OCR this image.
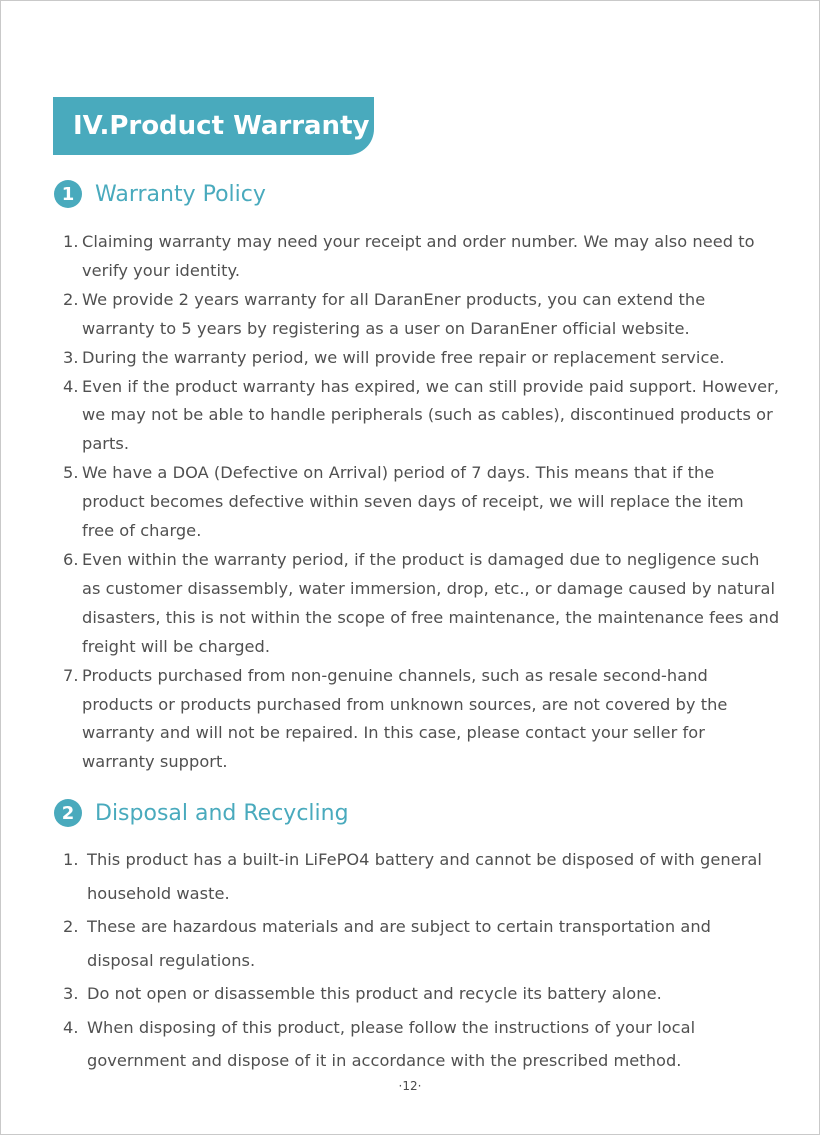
IV.Product Warranty
1 Warranty Policy
1. Claiming warranty may need your receipt and order number. We may also need to verify your identity.
2. We provide 2 years warranty for all DaranEner products, you can extend the warranty to 5 years by registering as a user on DaranEner official website.
3. During the warranty period, we will provide free repair or replacement service.
4. Even if the product warranty has expired, we can still provide paid support. However, we may not be able to handle peripherals (such as cables), discontinued products or parts.
5. We have a DOA (Defective on Arrival) period of 7 days. This means that if the product becomes defective within seven days of receipt, we will replace the item free of charge.
6. Even within the warranty period, if the product is damaged due to negligence such as customer disassembly, water immersion, drop, etc., or damage caused by natural disasters, this is not within the scope of free maintenance, the maintenance fees and freight will be charged.
7. Products purchased from non-genuine channels, such as resale second-hand products or products purchased from unknown sources, are not covered by the warranty and will not be repaired. In this case, please contact your seller for warranty support.
2 Disposal and Recycling
1. This product has a built-in LiFePO4 battery and cannot be disposed of with general household waste.
2. These are hazardous materials and are subject to certain transportation and disposal regulations.
3. Do not open or disassemble this product and recycle its battery alone.
4. When disposing of this product, please follow the instructions of your local government and dispose of it in accordance with the prescribed method.
·12·
